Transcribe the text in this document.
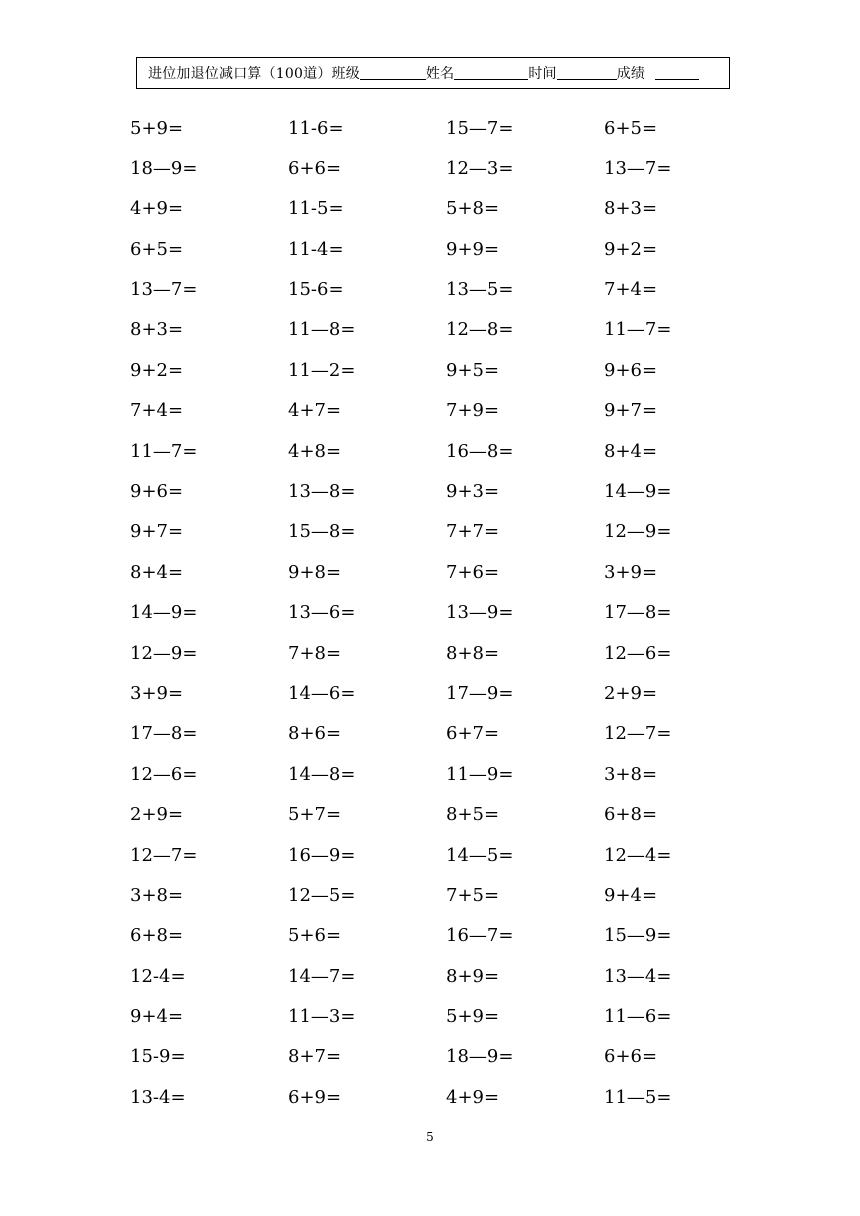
进位加退位减口算（100道）班级	姓名	时间	成绩
5+9=	11-6=	15—7=	6+5=
18—9=	6+6=	12—3=	13—7=
4+9=	11-5=	5+8=	8+3=
6+5=	11-4=	9+9=	9+2=
13—7=	15-6=	13—5=	7+4=
8+3=	11—8=	12—8=	11—7=
9+2=	11—2=	9+5=	9+6=
7+4=	4+7=	7+9=	9+7=
11—7=	4+8=	16—8=	8+4=
9+6=	13—8=	9+3=	14—9=
9+7=	15—8=	7+7=	12—9=
8+4=	9+8=	7+6=	3+9=
14—9=	13—6=	13—9=	17—8=
12—9=	7+8=	8+8=	12—6=
3+9=	14—6=	17—9=	2+9=
17—8=	8+6=	6+7=	12—7=
12—6=	14—8=	11—9=	3+8=
2+9=	5+7=	8+5=	6+8=
12—7=	16—9=	14—5=	12—4=
3+8=	12—5=	7+5=	9+4=
6+8=	5+6=	16—7=	15—9=
12-4=	14—7=	8+9=	13—4=
9+4=	11—3=	5+9=	11—6=
15-9=	8+7=	18—9=	6+6=
13-4=	6+9=	4+9=	11—5=
5
